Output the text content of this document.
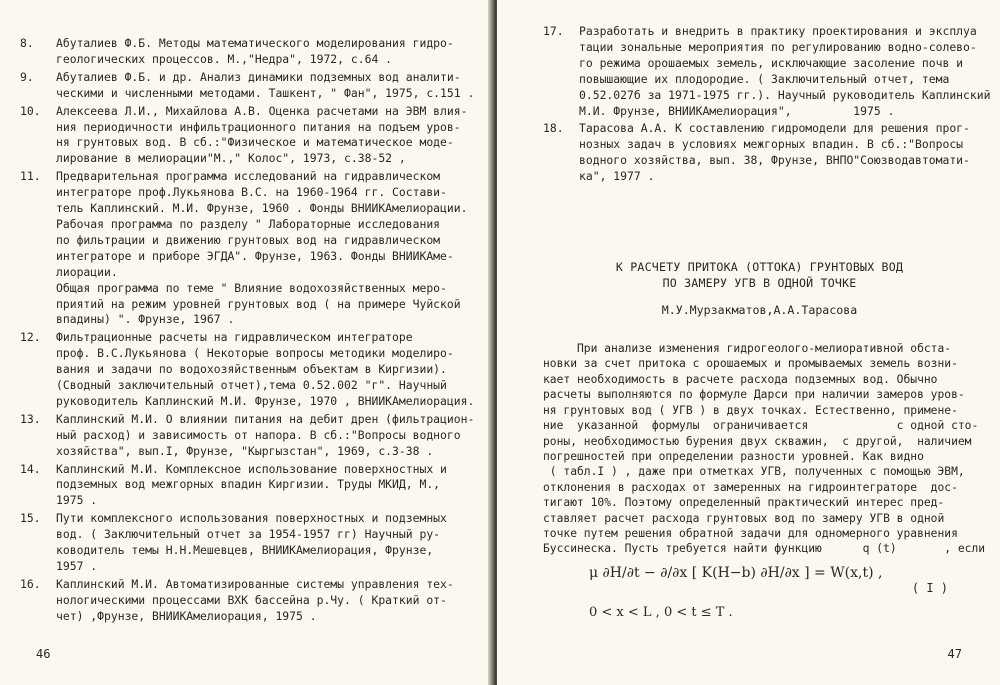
8.	Абуталиев Ф.Б. Методы математического моделирования гидро-
геологических процессов. М.,"Недра", 1972, с.64 .
9.	Абуталиев Ф.Б. и др. Анализ динамики подземных вод аналити-
ческими и численными методами. Ташкент, " Фан", 1975, с.151 .
10.	Алексеева Л.И., Михайлова А.В. Оценка расчетами на ЭВМ влия-
ния периодичности инфильтрационного питания на подъем уров-
ня грунтовых вод. В сб.:"Физическое и математическое моде-
лирование в мелиорации"М.," Колос", 1973, с.38-52 ,
11.	Предварительная программа исследований на гидравлическом
интеграторе проф.Лукьянова В.С. на 1960-1964 гг. Состави-
тель Каплинский. М.И. Фрунзе, 1960 . Фонды ВНИИКАмелиорации.
Рабочая программа по разделу " Лабораторные исследования
по фильтрации и движению грунтовых вод на гидравлическом
интеграторе и приборе ЭГДА". Фрунзе, 1963. Фонды ВНИИКАме-
лиорации.
Общая программа по теме " Влияние водохозяйственных меро-
приятий на режим уровней грунтовых вод ( на примере Чуйской
впадины) ". Фрунзе, 1967 .
12.	Фильтрационные расчеты на гидравлическом интеграторе
проф. В.С.Лукьянова ( Некоторые вопросы методики моделиро-
вания и задачи по водохозяйственным объектам в Киргизии).
(Сводный заключительный отчет),тема 0.52.002 "г". Научный
руководитель Каплинский М.И. Фрунзе, 1970 , ВНИИКАмелиорация.
13.	Каплинский М.И. О влиянии питания на дебит дрен (фильтрацион-
ный расход) и зависимость от напора. В сб.:"Вопросы водного
хозяйства", вып.I, Фрунзе, "Кыргызстан", 1969, с.3-38 .
14.	Каплинский М.И. Комплексное использование поверхностных и
подземных вод межгорных впадин Киргизии. Труды МКИД, М.,
1975 .
15.	Пути комплексного использования поверхностных и подземных
вод. ( Заключительный отчет за 1954-1957 гг) Научный ру-
ководитель темы Н.Н.Мешевцев, ВНИИКАмелиорация, Фрунзе,
1957 .
16.	Каплинский М.И. Автоматизированные системы управления тех-
нологическими процессами ВХК бассейна р.Чу. ( Краткий от-
чет) ,Фрунзе, ВНИИКАмелиорация, 1975 .
46
17.	Разработать и внедрить в практику проектирования и эксплуа
тации зональные мероприятия по регулированию водно-солево-
го режима орошаемых земель, исключающие засоление почв и
повышающие их плодородие. ( Заключительный отчет, тема
0.52.027б за 1971-1975 гг.). Научный руководитель Каплинский
М.И. Фрунзе, ВНИИКАмелиорация",         1975 .
18.	Тарасова А.А. К составлению гидромодели для решения прог-
нозных задач в условиях межгорных впадин. В сб.:"Вопросы
водного хозяйства, вып. 38, Фрунзе, ВНПО"Союзводавтомати-
ка", 1977 .
К РАСЧЕТУ ПРИТОКА (ОТТОКА) ГРУНТОВЫХ ВОД
ПО ЗАМЕРУ УГВ В ОДНОЙ ТОЧКЕ
М.У.Мурзакматов,А.А.Тарасова
При анализе изменения гидрогеолого-мелиоративной обста-
новки за счет притока с орошаемых и промываемых земель возни-
кает необходимость в расчете расхода подземных вод. Обычно
расчеты выполняются по формуле Дарси при наличии замеров уров-
ня грунтовых вод ( УГВ ) в двух точках. Естественно, примене-
ние  указанной  формулы  ограничивается             с одной сто-
роны, необходимостью бурения двух скважин,  с другой,  наличием
погрешностей при определении разности уровней. Как видно
( табл.I ) , даже при отметках УГВ, полученных с помощью ЭВМ,
отклонения в расходах от замеренных на гидроинтеграторе  дос-
тигают 10%. Поэтому определенный практический интерес пред-
ставляет расчет расхода грунтовых вод по замеру УГВ в одной
точке путем решения обратной задачи для одномерного уравнения
Буссинеска. Пусть требуется найти функцию      q (t)       , если
μ ∂H/∂t − ∂/∂x [ K(H−b) ∂H/∂x ] = W(x,t) ,
( I )
0 < x < L , 0 < t ≤ T .
47
